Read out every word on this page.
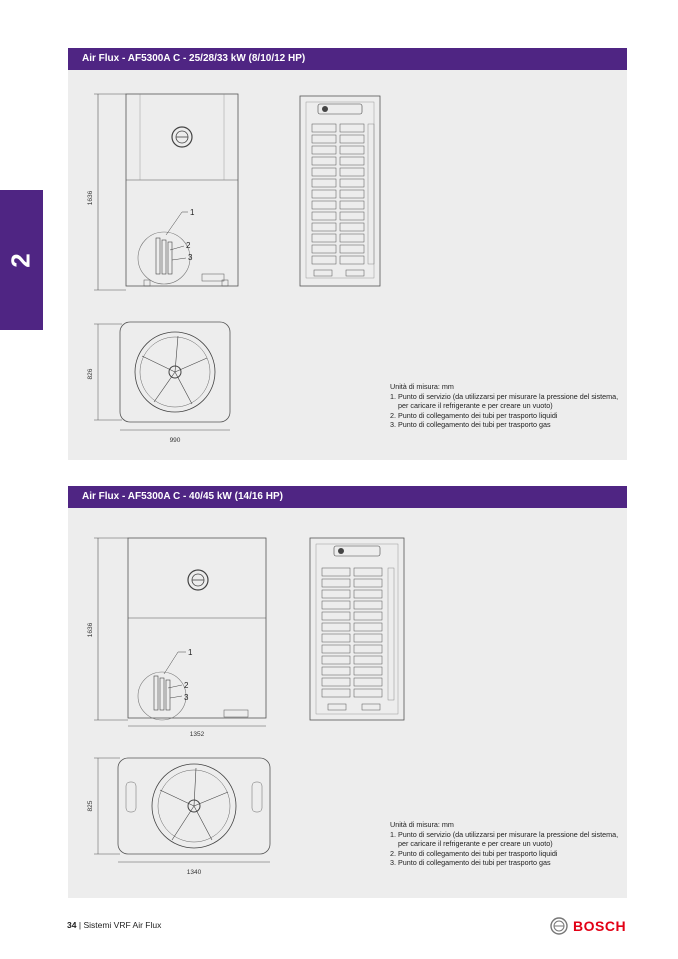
2
Air Flux - AF5300A C - 25/28/33 kW (8/10/12 HP)
1636
1
2
3
826
990
Unità di misura: mm
1. Punto di servizio (da utilizzarsi per misurare la pressione del sistema, per caricare il refrigerante e per creare un vuoto)
2. Punto di collegamento dei tubi per trasporto liquidi
3. Punto di collegamento dei tubi per trasporto gas
Air Flux - AF5300A C - 40/45 kW (14/16 HP)
1636
1
2
3
1352
825
1340
Unità di misura: mm
1. Punto di servizio (da utilizzarsi per misurare la pressione del sistema, per caricare il refrigerante e per creare un vuoto)
2. Punto di collegamento dei tubi per trasporto liquidi
3. Punto di collegamento dei tubi per trasporto gas
34 | Sistemi VRF Air Flux	BOSCH
